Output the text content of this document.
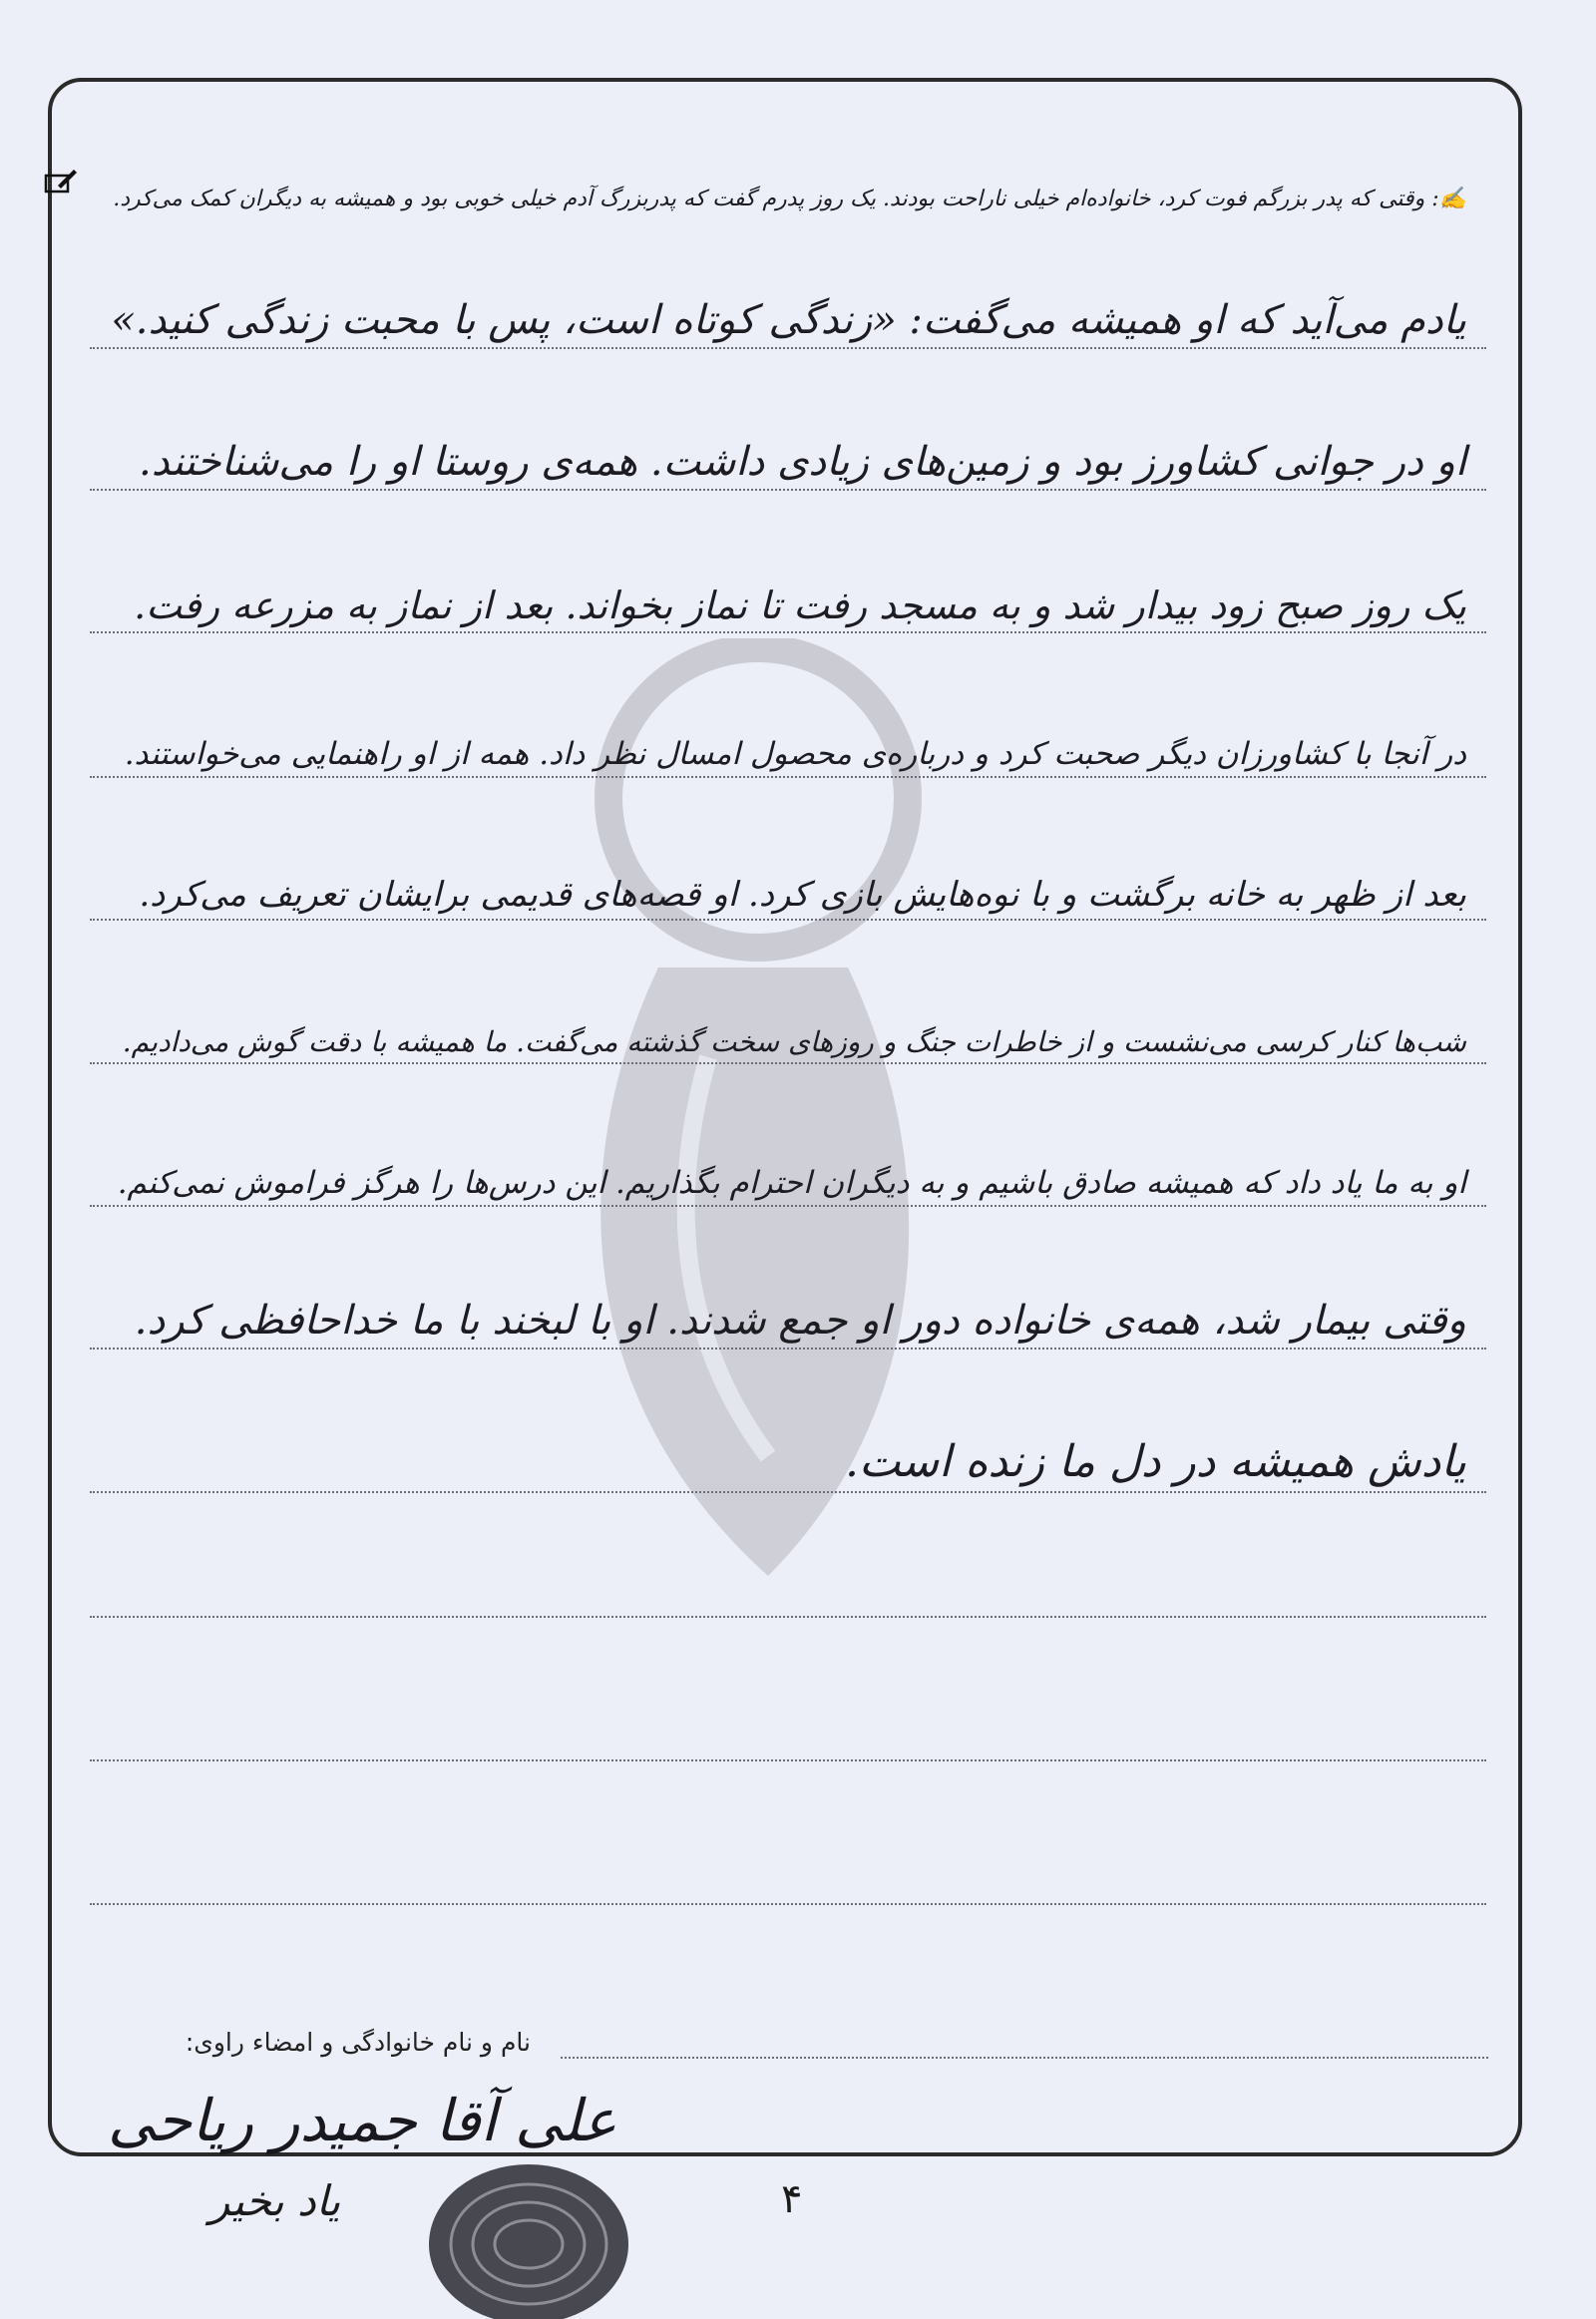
✍: وقتی که پدر بزرگم فوت کرد، خانواده‌ام خیلی ناراحت بودند. یک روز پدرم گفت که پدربزرگ آدم خیلی خوبی بود و همیشه به دیگران کمک می‌کرد.
یادم می‌آید که او همیشه می‌گفت: «زندگی کوتاه است، پس با محبت زندگی کنید.»
او در جوانی کشاورز بود و زمین‌های زیادی داشت. همه‌ی روستا او را می‌شناختند.
یک روز صبح زود بیدار شد و به مسجد رفت تا نماز بخواند. بعد از نماز به مزرعه رفت.
در آنجا با کشاورزان دیگر صحبت کرد و درباره‌ی محصول امسال نظر داد. همه از او راهنمایی می‌خواستند.
بعد از ظهر به خانه برگشت و با نوه‌هایش بازی کرد. او قصه‌های قدیمی برایشان تعریف می‌کرد.
شب‌ها کنار کرسی می‌نشست و از خاطرات جنگ و روزهای سخت گذشته می‌گفت. ما همیشه با دقت گوش می‌دادیم.
او به ما یاد داد که همیشه صادق باشیم و به دیگران احترام بگذاریم. این درس‌ها را هرگز فراموش نمی‌کنم.
وقتی بیمار شد، همه‌ی خانواده دور او جمع شدند. او با لبخند با ما خداحافظی کرد.
یادش همیشه در دل ما زنده است.
نام و نام خانوادگی و امضاء راوی:
علی آقا جمیدر ریاحی
۴
یاد بخیر
